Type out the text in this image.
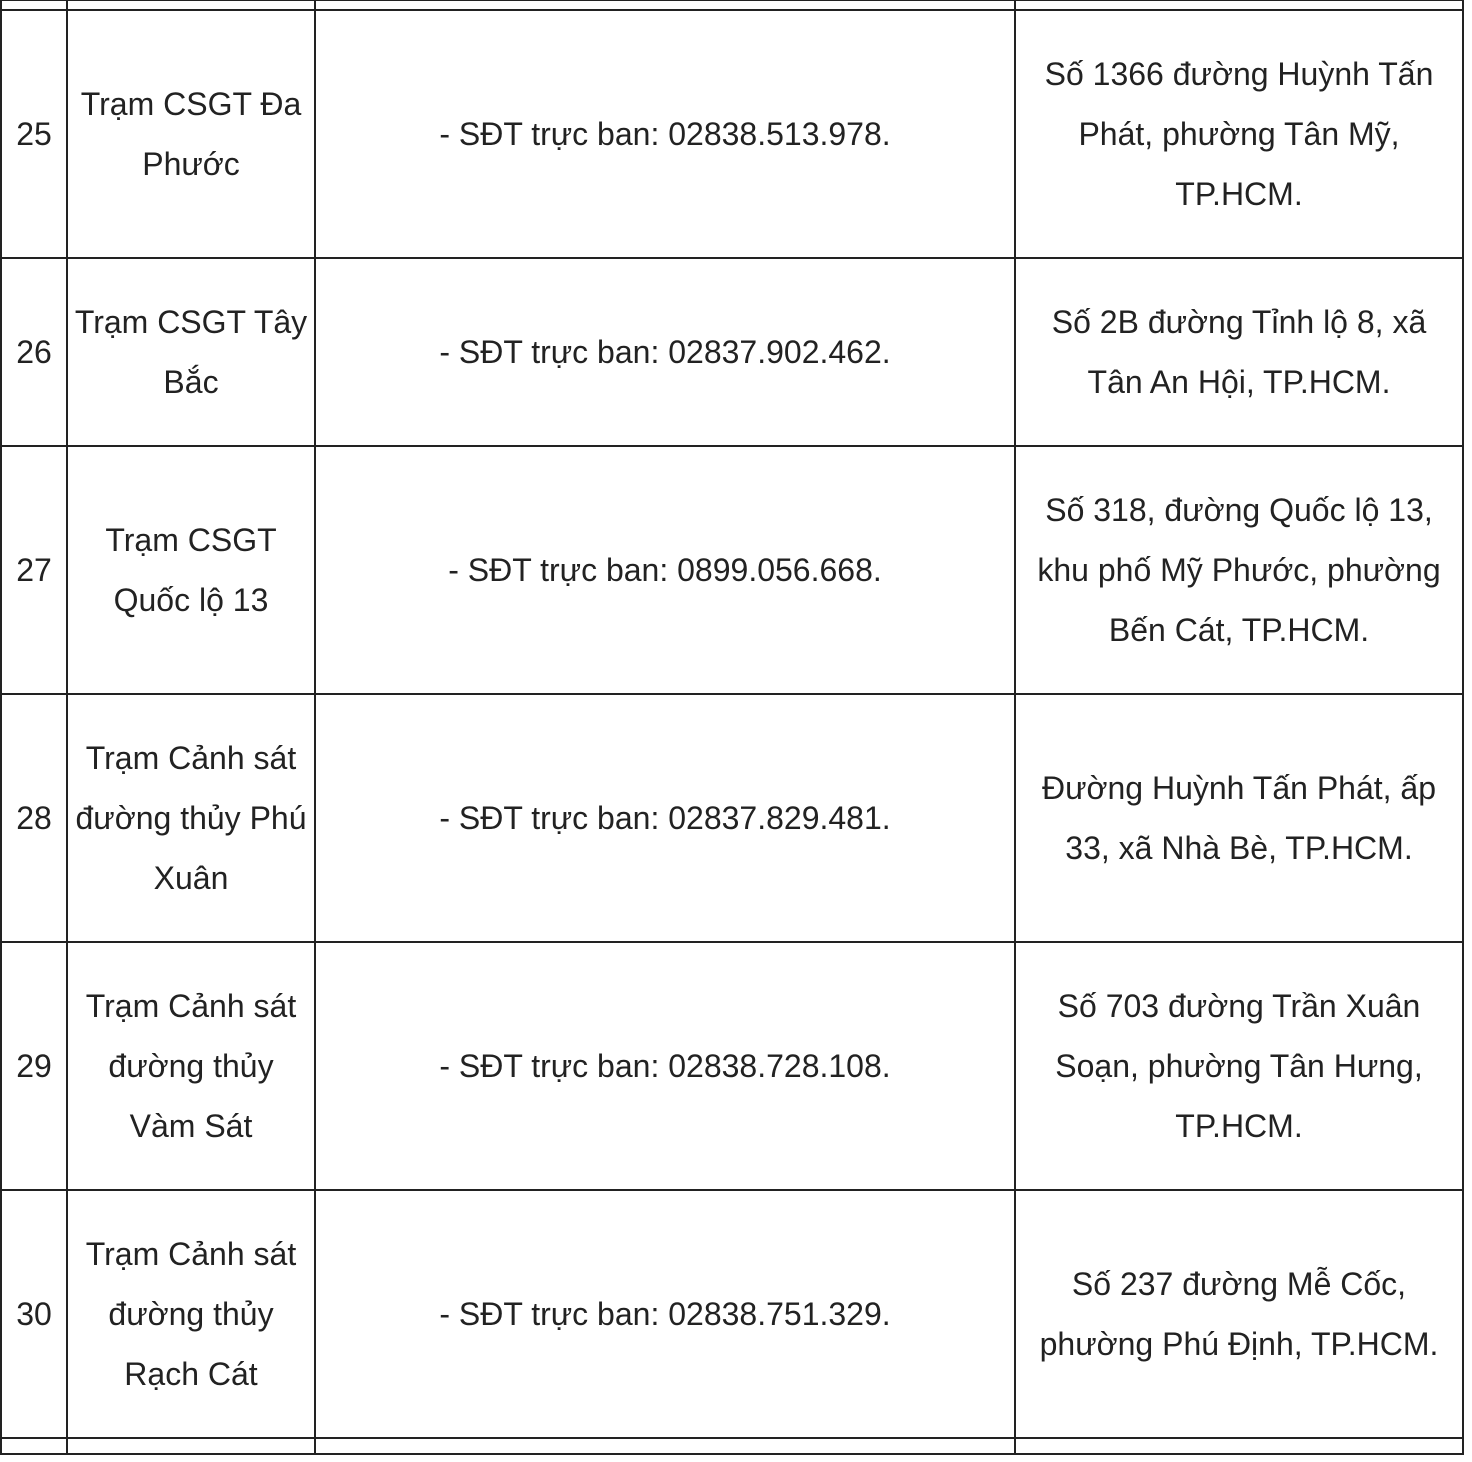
25	Trạm CSGT Đa Phước	- SĐT trực ban: 02838.513.978.	Số 1366 đường Huỳnh Tấn Phát, phường Tân Mỹ, TP.HCM.
26	Trạm CSGT Tây Bắc	- SĐT trực ban: 02837.902.462.	Số 2B đường Tỉnh lộ 8, xã Tân An Hội, TP.HCM.
27	Trạm CSGT Quốc lộ 13	- SĐT trực ban: 0899.056.668.	Số 318, đường Quốc lộ 13, khu phố Mỹ Phước, phường Bến Cát, TP.HCM.
28	Trạm Cảnh sát đường thủy Phú Xuân	- SĐT trực ban: 02837.829.481.	Đường Huỳnh Tấn Phát, ấp 33, xã Nhà Bè, TP.HCM.
29	Trạm Cảnh sát đường thủy Vàm Sát	- SĐT trực ban: 02838.728.108.	Số 703 đường Trần Xuân Soạn, phường Tân Hưng, TP.HCM.
30	Trạm Cảnh sát đường thủy Rạch Cát	- SĐT trực ban: 02838.751.329.	Số 237 đường Mễ Cốc, phường Phú Định, TP.HCM.
